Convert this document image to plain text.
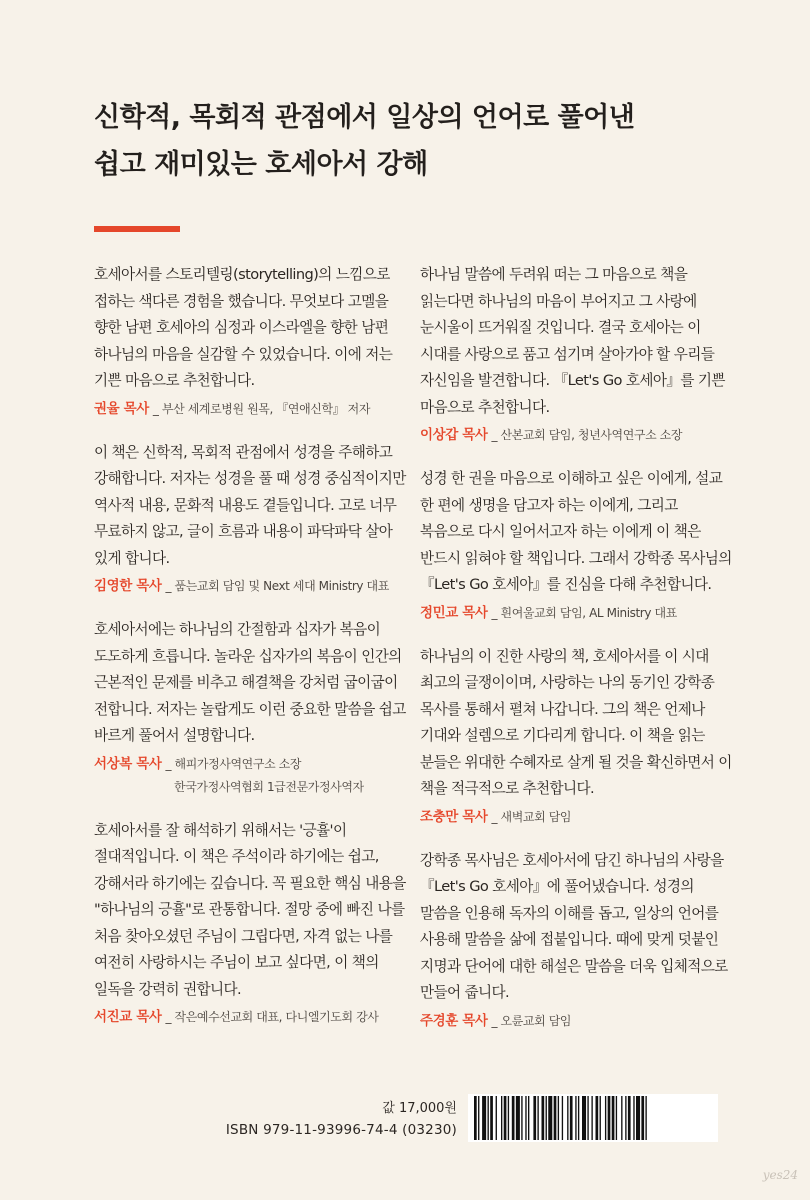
신학적, 목회적 관점에서 일상의 언어로 풀어낸
쉽고 재미있는 호세아서 강해
호세아서를 스토리텔링(storytelling)의 느낌으로 접하는 색다른 경험을 했습니다. 무엇보다 고멜을 향한 남편 호세아의 심정과 이스라엘을 향한 남편 하나님의 마음을 실감할 수 있었습니다. 이에 저는 기쁜 마음으로 추천합니다.
권율 목사 _ 부산 세계로병원 원목, 『연애신학』 저자
이 책은 신학적, 목회적 관점에서 성경을 주해하고 강해합니다. 저자는 성경을 풀 때 성경 중심적이지만 역사적 내용, 문화적 내용도 곁들입니다. 고로 너무 무료하지 않고, 글이 흐름과 내용이 파닥파닥 살아 있게 합니다.
김영한 목사 _ 품는교회 담임 및 Next 세대 Ministry 대표
호세아서에는 하나님의 간절함과 십자가 복음이 도도하게 흐릅니다. 놀라운 십자가의 복음이 인간의 근본적인 문제를 비추고 해결책을 강처럼 굽이굽이 전합니다. 저자는 놀랍게도 이런 중요한 말씀을 쉽고 바르게 풀어서 설명합니다.
서상복 목사 _ 해피가정사역연구소 소장
한국가정사역협회 1급전문가정사역자
호세아서를 잘 해석하기 위해서는 '긍휼'이 절대적입니다. 이 책은 주석이라 하기에는 쉽고, 강해서라 하기에는 깊습니다. 꼭 필요한 핵심 내용을 "하나님의 긍휼"로 관통합니다. 절망 중에 빠진 나를 처음 찾아오셨던 주님이 그립다면, 자격 없는 나를 여전히 사랑하시는 주님이 보고 싶다면, 이 책의 일독을 강력히 권합니다.
서진교 목사 _ 작은예수선교회 대표, 다니엘기도회 강사
하나님 말씀에 두려워 떠는 그 마음으로 책을 읽는다면 하나님의 마음이 부어지고 그 사랑에 눈시울이 뜨거워질 것입니다. 결국 호세아는 이 시대를 사랑으로 품고 섬기며 살아가야 할 우리들 자신임을 발견합니다. 『Let's Go 호세아』를 기쁜 마음으로 추천합니다.
이상갑 목사 _ 산본교회 담임, 청년사역연구소 소장
성경 한 권을 마음으로 이해하고 싶은 이에게, 설교 한 편에 생명을 담고자 하는 이에게, 그리고 복음으로 다시 일어서고자 하는 이에게 이 책은 반드시 읽혀야 할 책입니다. 그래서 강학종 목사님의 『Let's Go 호세아』를 진심을 다해 추천합니다.
정민교 목사 _ 흰여울교회 담임, AL Ministry 대표
하나님의 이 진한 사랑의 책, 호세아서를 이 시대 최고의 글쟁이이며, 사랑하는 나의 동기인 강학종 목사를 통해서 펼쳐 나갑니다. 그의 책은 언제나 기대와 설렘으로 기다리게 합니다. 이 책을 읽는 분들은 위대한 수혜자로 살게 될 것을 확신하면서 이 책을 적극적으로 추천합니다.
조충만 목사 _ 새벽교회 담임
강학종 목사님은 호세아서에 담긴 하나님의 사랑을 『Let's Go 호세아』에 풀어냈습니다. 성경의 말씀을 인용해 독자의 이해를 돕고, 일상의 언어를 사용해 말씀을 삶에 접붙입니다. 때에 맞게 덧붙인 지명과 단어에 대한 해설은 말씀을 더욱 입체적으로 만들어 줍니다.
주경훈 목사 _ 오륜교회 담임
값 17,000원
ISBN 979-11-93996-74-4 (03230)
yes24
